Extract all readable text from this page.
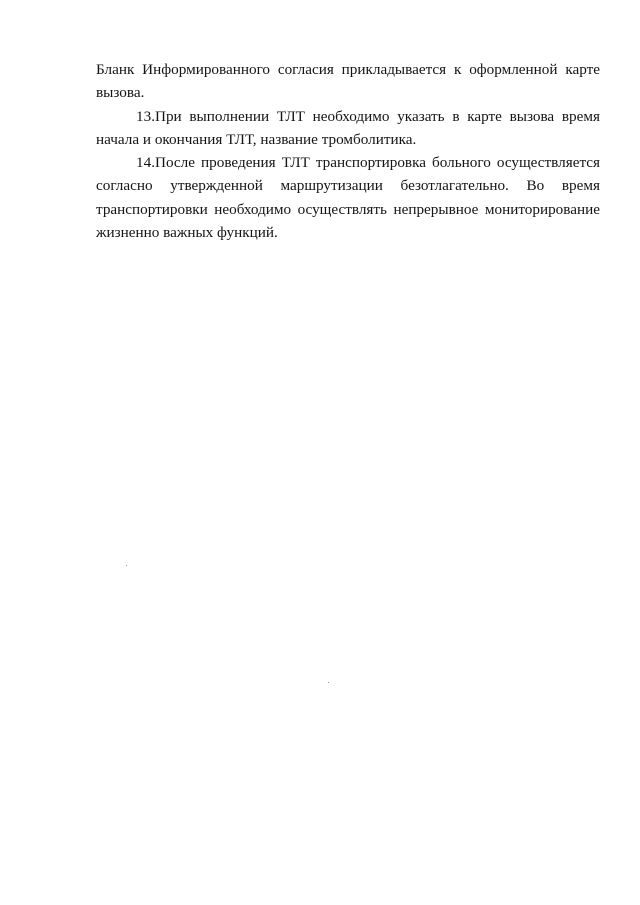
Бланк Информированного согласия прикладывается к оформленной карте вызова.

13.При выполнении ТЛТ необходимо указать в карте вызова время начала и окончания ТЛТ, название тромболитика.

14.После проведения ТЛТ транспортировка больного осуществляется согласно утвержденной маршрутизации безотлагательно. Во время транспортировки необходимо осуществлять непрерывное мониторирование жизненно важных функций.
